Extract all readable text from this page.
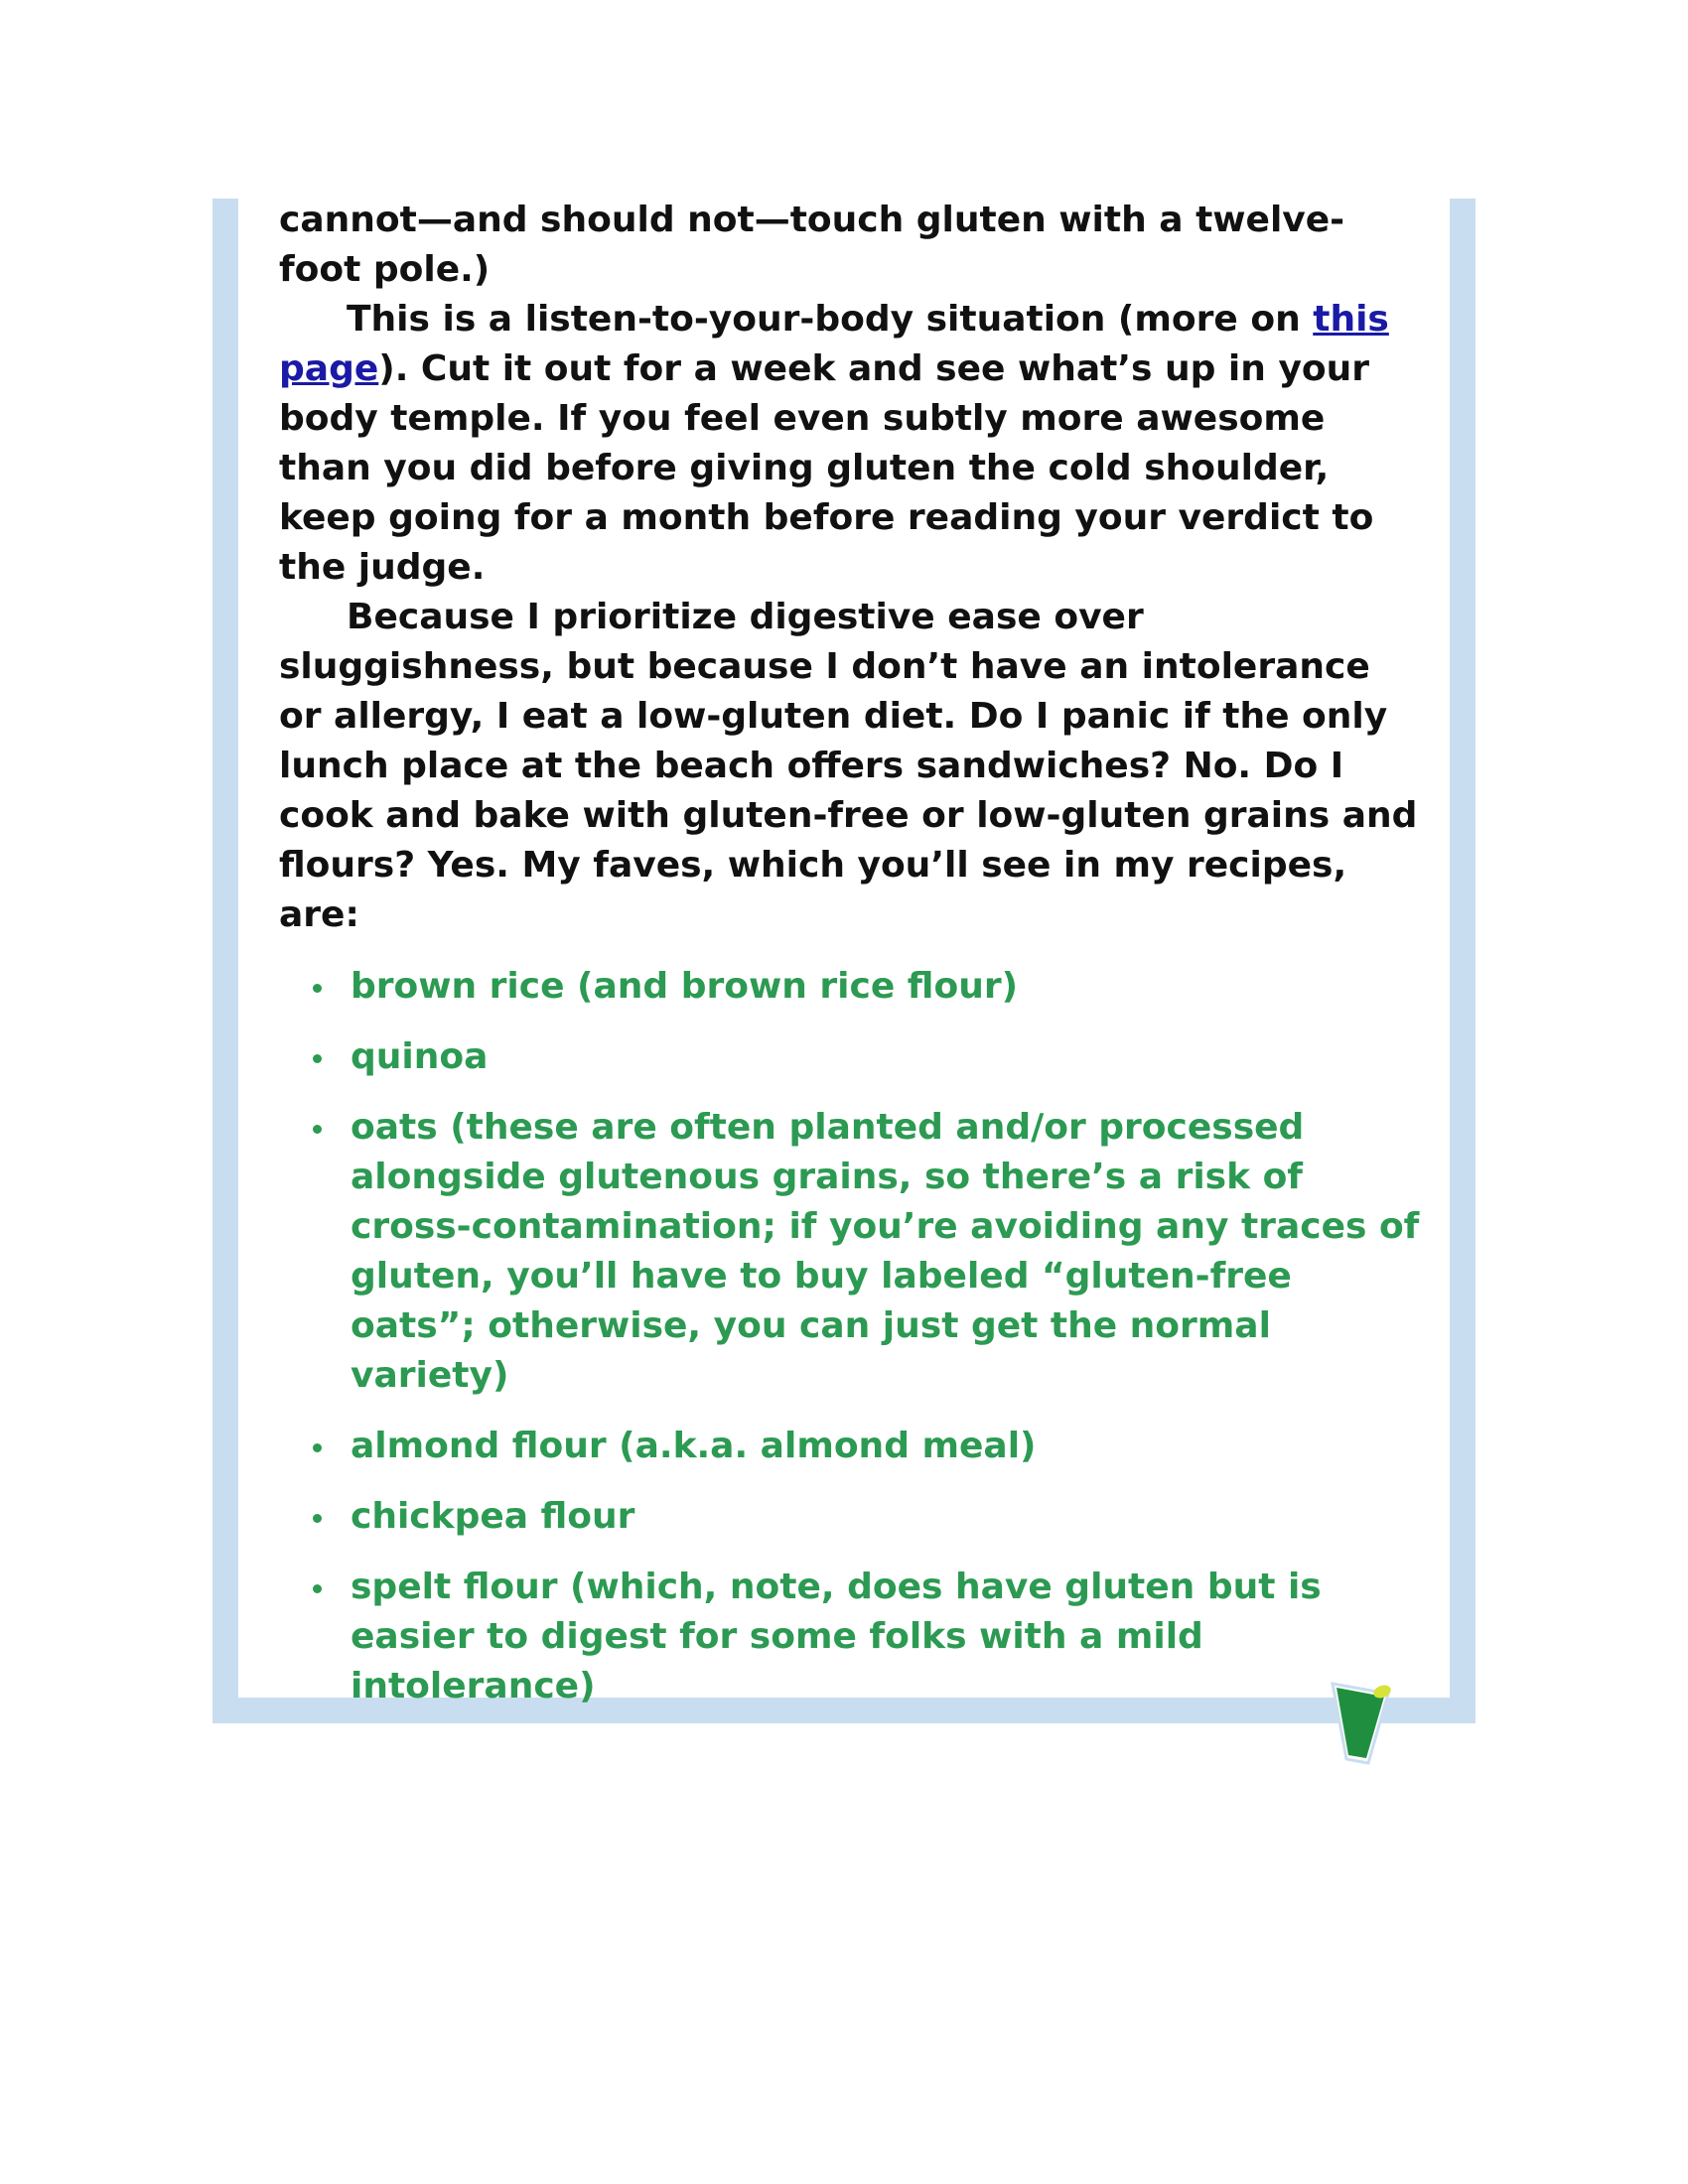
cannot—and should not—touch gluten with a twelve-foot pole.)

This is a listen-to-your-body situation (more on this page). Cut it out for a week and see what’s up in your body temple. If you feel even subtly more awesome than you did before giving gluten the cold shoulder, keep going for a month before reading your verdict to the judge.

Because I prioritize digestive ease over sluggishness, but because I don’t have an intolerance or allergy, I eat a low-gluten diet. Do I panic if the only lunch place at the beach offers sandwiches? No. Do I cook and bake with gluten-free or low-gluten grains and flours? Yes. My faves, which you’ll see in my recipes, are:

brown rice (and brown rice flour)
quinoa
oats (these are often planted and/or processed alongside glutenous grains, so there’s a risk of cross-contamination; if you’re avoiding any traces of gluten, you’ll have to buy labeled “gluten-free oats”; otherwise, you can just get the normal variety)
almond flour (a.k.a. almond meal)
chickpea flour
spelt flour (which, note, does have gluten but is easier to digest for some folks with a mild intolerance)
